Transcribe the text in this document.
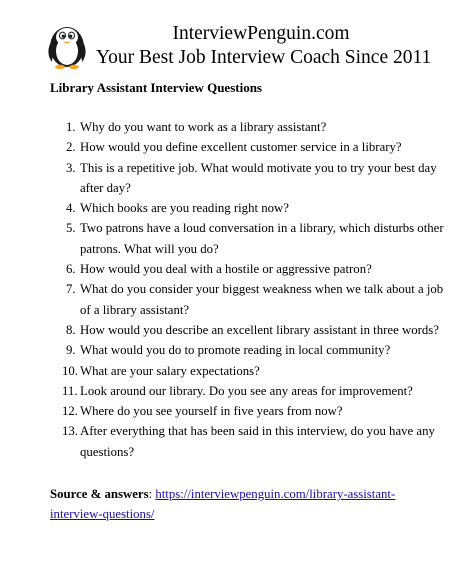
InterviewPenguin.com
Your Best Job Interview Coach Since 2011
Library Assistant Interview Questions
1. Why do you want to work as a library assistant?
2. How would you define excellent customer service in a library?
3. This is a repetitive job. What would motivate you to try your best day after day?
4. Which books are you reading right now?
5. Two patrons have a loud conversation in a library, which disturbs other patrons. What will you do?
6. How would you deal with a hostile or aggressive patron?
7. What do you consider your biggest weakness when we talk about a job of a library assistant?
8. How would you describe an excellent library assistant in three words?
9. What would you do to promote reading in local community?
10. What are your salary expectations?
11. Look around our library. Do you see any areas for improvement?
12. Where do you see yourself in five years from now?
13. After everything that has been said in this interview, do you have any questions?
Source & answers: https://interviewpenguin.com/library-assistant-interview-questions/
